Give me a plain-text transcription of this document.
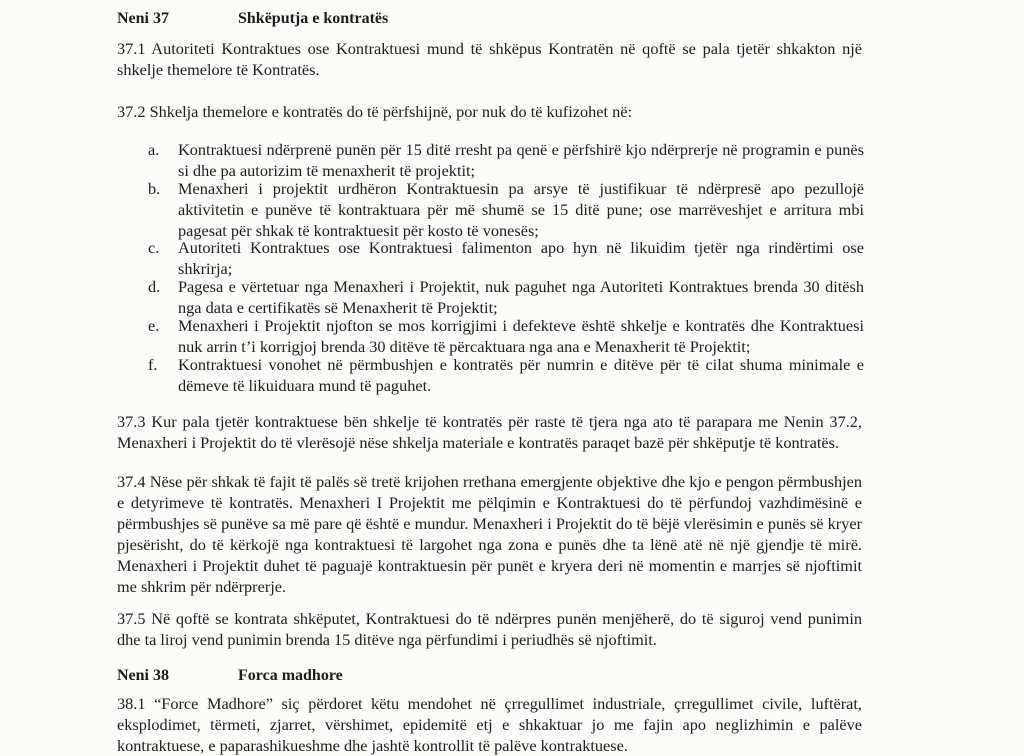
Neni 37	Shkëputja e kontratës
37.1 Autoriteti Kontraktues ose Kontraktuesi mund të shkëpus Kontratën në qoftë se pala tjetër shkakton një shkelje themelore të Kontratës.
37.2 Shkelja themelore e kontratës do të përfshijnë, por nuk do të kufizohet në:
a. Kontraktuesi ndërprenë punën për 15 ditë rresht pa qenë e përfshirë kjo ndërprerje në programin e punës si dhe pa autorizim të menaxherit të projektit;
b. Menaxheri i projektit urdhëron Kontraktuesin pa arsye të justifikuar të ndërpresë apo pezullojë aktivitetin e punëve të kontraktuara për më shumë se 15 ditë pune; ose marrëveshjet e arritura mbi pagesat për shkak të kontraktuesit për kosto të vonesës;
c. Autoriteti Kontraktues ose Kontraktuesi falimenton apo hyn në likuidim tjetër nga rindërtimi ose shkrirja;
d. Pagesa e vërtetuar nga Menaxheri i Projektit, nuk paguhet nga Autoriteti Kontraktues brenda 30 ditësh nga data e certifikatës së Menaxherit të Projektit;
e. Menaxheri i Projektit njofton se mos korrigjimi i defekteve është shkelje e kontratës dhe Kontraktuesi nuk arrin t’i korrigjoj brenda 30 ditëve të përcaktuara nga ana e Menaxherit të Projektit;
f. Kontraktuesi vonohet në përmbushjen e kontratës për numrin e ditëve për të cilat shuma minimale e dëmeve të likuiduara mund të paguhet.
37.3 Kur pala tjetër kontraktuese bën shkelje të kontratës për raste të tjera nga ato të parapara me Nenin 37.2, Menaxheri i Projektit do të vlerësojë nëse shkelja materiale e kontratës paraqet bazë për shkëputje të kontratës.
37.4 Nëse për shkak të fajit të palës së tretë krijohen rrethana emergjente objektive dhe kjo e pengon përmbushjen e detyrimeve të kontratës. Menaxheri I Projektit me pëlqimin e Kontraktuesi do të përfundoj vazhdimësinë e përmbushjes së punëve sa më pare që është e mundur. Menaxheri i Projektit do të bëjë vlerësimin e punës së kryer pjesërisht, do të kërkojë nga kontraktuesi të largohet nga zona e punës dhe ta lënë atë në një gjendje të mirë. Menaxheri i Projektit duhet të paguajë kontraktuesin për punët e kryera deri në momentin e marrjes së njoftimit me shkrim për ndërprerje.
37.5 Në qoftë se kontrata shkëputet, Kontraktuesi do të ndërpres punën menjëherë, do të siguroj vend punimin dhe ta liroj vend punimin brenda 15 ditëve nga përfundimi i periudhës së njoftimit.
Neni 38	Forca madhore
38.1 “Force Madhore” siç përdoret këtu mendohet në çrregullimet industriale, çrregullimet civile, luftërat, eksplodimet, tërmeti, zjarret, vërshimet, epidemitë etj e shkaktuar jo me fajin apo neglizhimin e palëve kontraktuese, e paparashikueshme dhe jashtë kontrollit të palëve kontraktuese.
